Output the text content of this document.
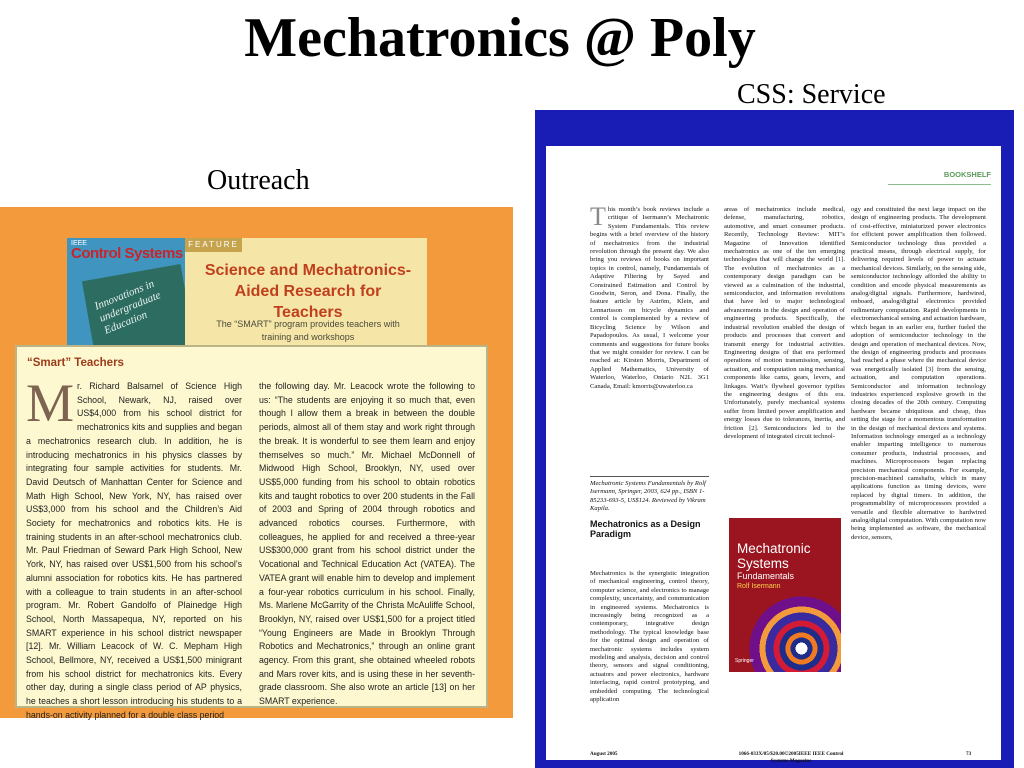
Mechatronics @ Poly
CSS: Service
Outreach
IEEE
Control Systems
Innovations in undergraduate Education
FEATURE
Science and Mechatronics-Aided Research for Teachers
The “SMART” program provides teachers with training and workshops
“Smart” Teachers
M r. Richard Balsamel of Science High School, Newark, NJ, raised over US$4,000 from his school district for mechatronics kits and supplies and began a mechatronics research club. In addition, he is introducing mechatronics in his physics classes by integrating four sample activities for students. Mr. David Deutsch of Manhattan Center for Science and Math High School, New York, NY, has raised over US$3,000 from his school and the Children’s Aid Society for mechatronics and robotics kits. He is training students in an after-school mechatronics club. Mr. Paul Friedman of Seward Park High School, New York, NY, has raised over US$1,500 from his school’s alumni association for robotics kits. He has partnered with a colleague to train students in an after-school program. Mr. Robert Gandolfo of Plainedge High School, North Massapequa, NY, reported on his SMART experience in his school district newspaper [12]. Mr. William Leacock of W. C. Mepham High School, Bellmore, NY, received a US$1,500 minigrant from his school district for mechatronics kits. Every other day, during a single class period of AP physics, he teaches a short lesson introducing his students to a hands-on activity planned for a double class period
the following day. Mr. Leacock wrote the following to us: “The students are enjoying it so much that, even though I allow them a break in between the double periods, almost all of them stay and work right through the break. It is wonderful to see them learn and enjoy themselves so much.” Mr. Michael McDonnell of Midwood High School, Brooklyn, NY, used over US$5,000 funding from his school to obtain robotics kits and taught robotics to over 200 students in the Fall of 2003 and Spring of 2004 through robotics and advanced robotics courses. Furthermore, with colleagues, he applied for and received a three-year US$300,000 grant from his school district under the Vocational and Technical Education Act (VATEA). The VATEA grant will enable him to develop and implement a four-year robotics curriculum in his school. Finally, Ms. Marlene McGarrity of the Christa McAuliffe School, Brooklyn, NY, raised over US$1,500 for a project titled “Young Engineers are Made in Brooklyn Through Robotics and Mechatronics,” through an online grant agency. From this grant, she obtained wheeled robots and Mars rover kits, and is using these in her seventh-grade classroom. She also wrote an article [13] on her SMART experience.
BOOKSHELF
T his month’s book reviews include a critique of Isermann’s Mechatronic System Fundamentals. This review begins with a brief overview of the history of mechatronics from the industrial revolution through the present day. We also bring you reviews of books on important topics in control, namely, Fundamentals of Adaptive Filtering by Sayed and Constrained Estimation and Control by Goodwin, Seron, and Dona. Finally, the feature article by Aström, Klein, and Lennartsson on bicycle dynamics and control is complemented by a review of Bicycling Science by Wilson and Papadopoulos. As usual, I welcome your comments and suggestions for future books that we might consider for review. I can be reached at: Kirsten Morris, Department of Applied Mathematics, University of Waterloo, Waterloo, Ontario N2L 3G1 Canada, Email: kmorris@uwaterloo.ca
areas of mechatronics include medical, defense, manufacturing, robotics, automotive, and smart consumer products. Recently, Technology Review: MIT’s Magazine of Innovation identified mechatronics as one of the ten emerging technologies that will change the world [1]. The evolution of mechatronics as a contemporary design paradigm can be viewed as a culmination of the industrial, semiconductor, and information revolutions that have led to major technological advancements in the design and operation of engineering products. Specifically, the industrial revolution enabled the design of products and processes that convert and transmit energy for industrial activities. Engineering designs of that era performed operations of motion transmission, sensing, actuation, and computation using mechanical components like cams, gears, levers, and linkages. Watt’s flywheel governor typifies the engineering designs of this era. Unfortunately, purely mechanical systems suffer from limited power amplification and energy losses due to tolerances, inertia, and friction [2]. Semiconductors led to the development of integrated circuit technol-
ogy and constituted the next large impact on the design of engineering products. The development of cost-effective, miniaturized power electronics for efficient power amplification then followed. Semiconductor technology thus provided a practical means, through electrical supply, for delivering required levels of power to actuate mechanical devices. Similarly, on the sensing side, semiconductor technology afforded the ability to condition and encode physical measurements as analog/digital signals. Furthermore, hardwired, onboard, analog/digital electronics provided rudimentary computation. Rapid developments in electromechanical sensing and actuation hardware, which began in an earlier era, further fueled the adoption of semiconductor technology in the design and operation of mechanical devices. Now, the design of engineering products and processes had reached a phase where the mechanical device was energetically isolated [3] from the sensing, actuation, and computation operations. Semiconductor and information technology industries experienced explosive growth in the closing decades of the 20th century. Computing hardware became ubiquitous and cheap, thus setting the stage for a momentous transformation in the design of mechanical devices and systems. Information technology emerged as a technology enabler imparting intelligence to numerous consumer products, industrial processes, and machines. Microprocessors began replacing precision mechanical components. For example, precision-machined camshafts, which in many applications function as timing devices, were replaced by digital timers. In addition, the programmability of microprocessors provided a versatile and flexible alternative to hardwired analog/digital computation. With computation now being implemented as software, the mechanical device, sensors,
Mechatronic Systems Fundamentals by Rolf Isermann, Springer, 2003, 624 pp., ISBN 1-85233-693-5, US$124. Reviewed by Vikram Kapila.
Mechatronics as a Design Paradigm
Mechatronics is the synergistic integration of mechanical engineering, control theory, computer science, and electronics to manage complexity, uncertainty, and communication in engineered systems. Mechatronics is increasingly being recognized as a contemporary, integrative design methodology. The typical knowledge base for the optimal design and operation of mechatronic systems includes system modeling and analysis, decision and control theory, sensors and signal conditioning, actuators and power electronics, hardware interfacing, rapid control prototyping, and embedded computing. The technological application
August 2005	1066-033X/05/$20.00©2005IEEE IEEE Control Systems Magazine
73
Mechatronic Systems
Fundamentals
Rolf Isermann
Springer
